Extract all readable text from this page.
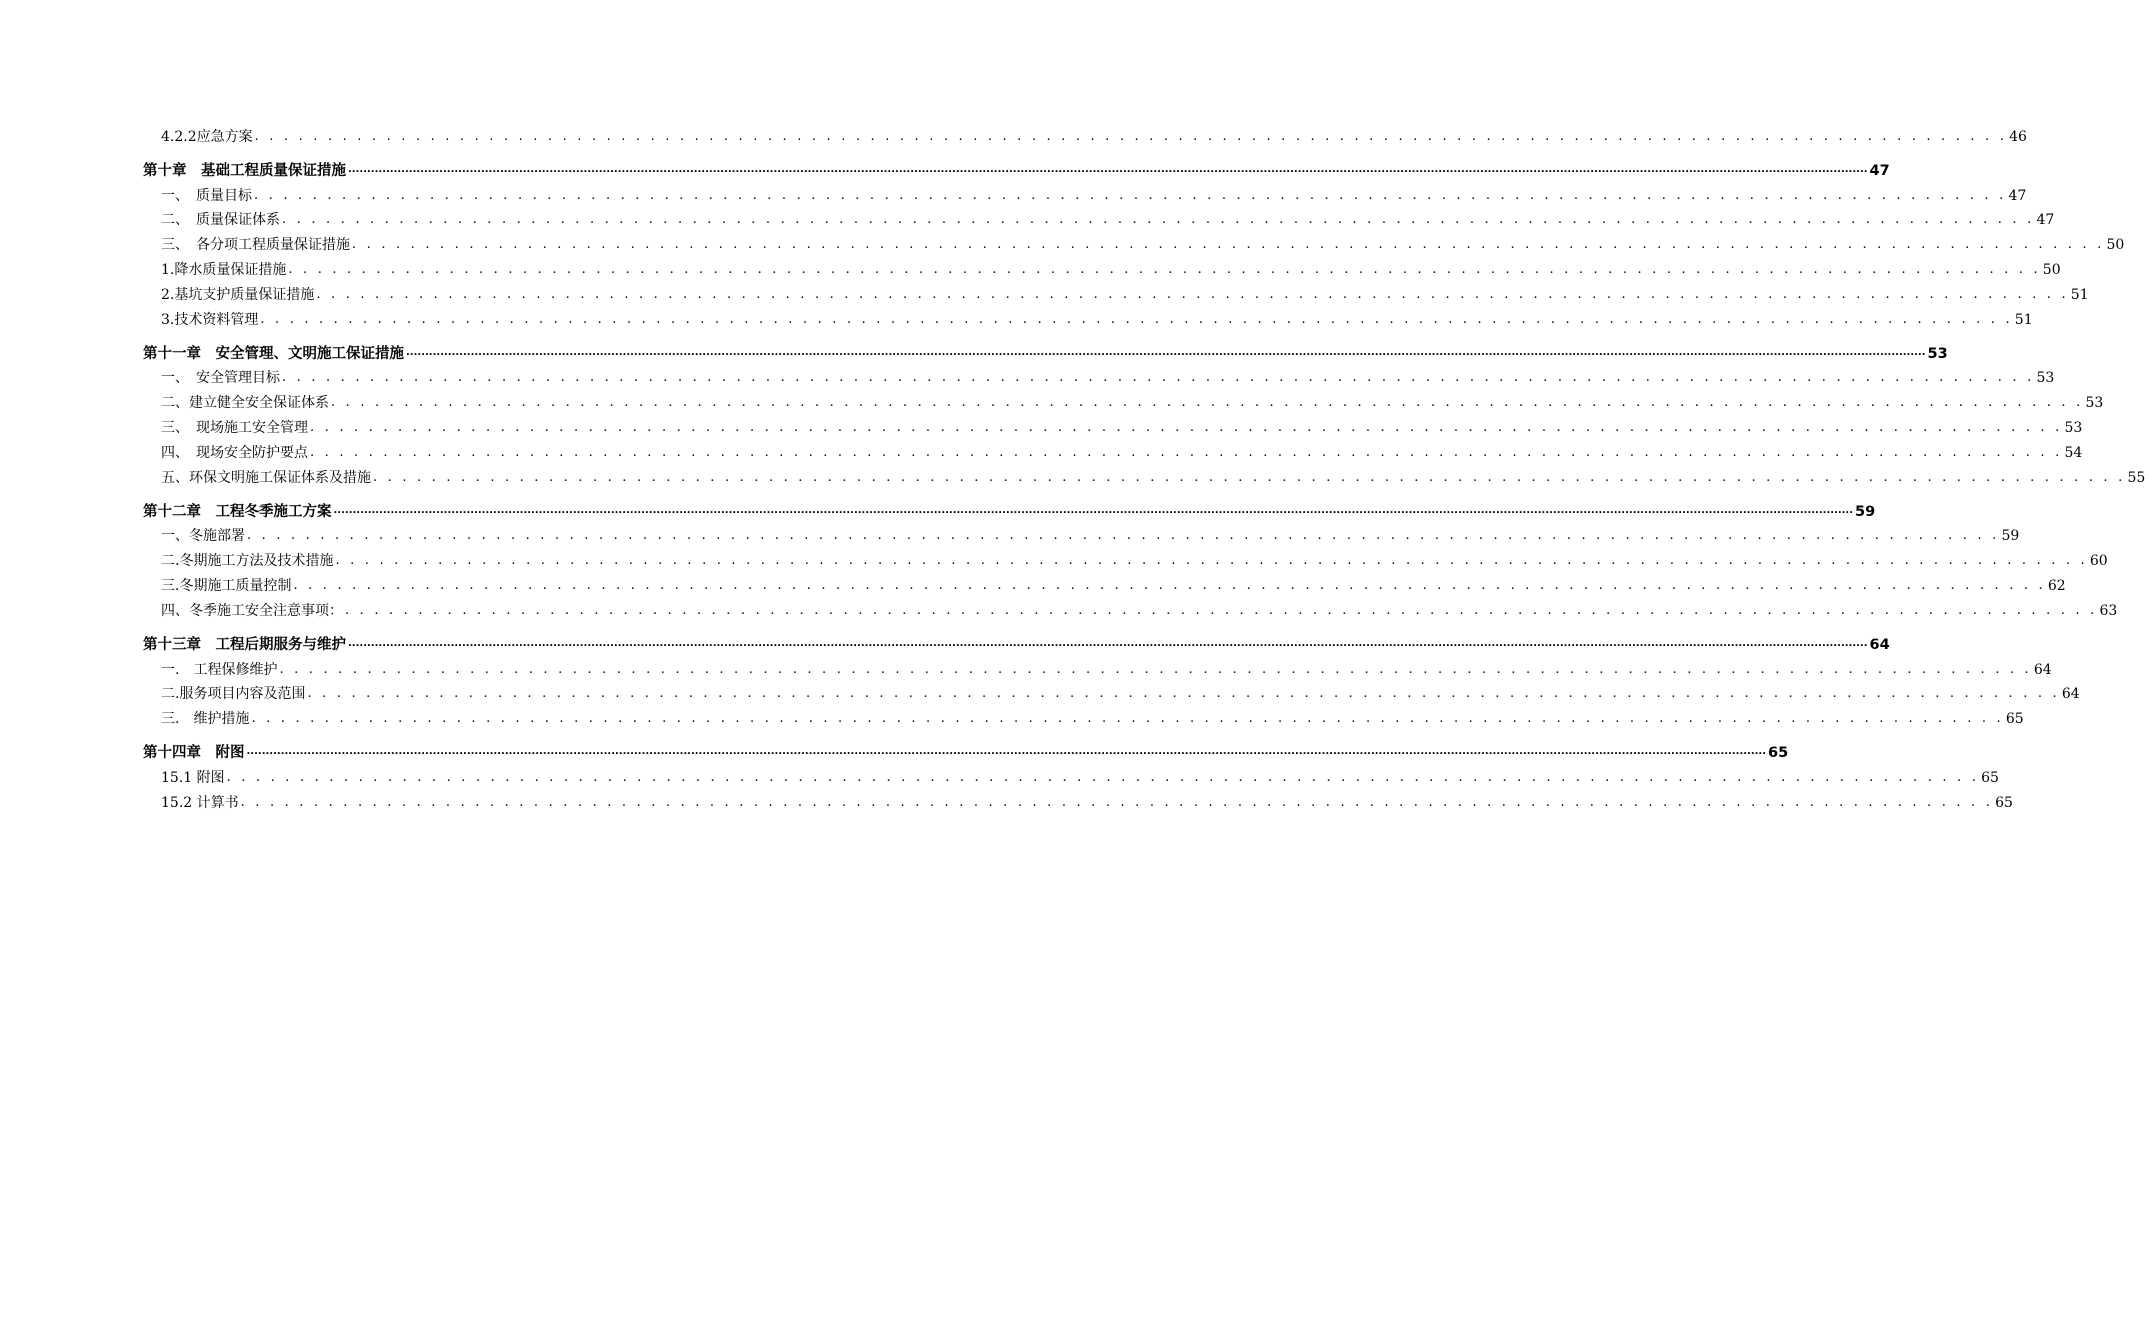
4.2.2应急方案 . . . . . . . . . . . . . . . . . . . . . . . . . . . . . . . . . . . . . . . . . . . . . . . . . . . . . . . . . . . . . . . . . . . . . . . . . . . . . . . . . . . . . . . . . . . . . . . . . . . . . . . . . . . . . . . . . . . . . . . . 46
第十章　基础工程质量保证措施 ................................................................................................................................................................................................................................................................................................................................................................................................................ 47
一、　质量目标 . . . . . . . . . . . . . . . . . . . . . . . . . . . . . . . . . . . . . . . . . . . . . . . . . . . . . . . . . . . . . . . . . . . . . . . . . . . . . . . . . . . . . . . . . . . . . . . . . . . . . . . . . . . . . . . . . . . . . . . . 47
二、　质量保证体系 . . . . . . . . . . . . . . . . . . . . . . . . . . . . . . . . . . . . . . . . . . . . . . . . . . . . . . . . . . . . . . . . . . . . . . . . . . . . . . . . . . . . . . . . . . . . . . . . . . . . . . . . . . . . . . . . . . . . . . . . 47
三、　各分项工程质量保证措施 . . . . . . . . . . . . . . . . . . . . . . . . . . . . . . . . . . . . . . . . . . . . . . . . . . . . . . . . . . . . . . . . . . . . . . . . . . . . . . . . . . . . . . . . . . . . . . . . . . . . . . . . . . . . . . . . . . . . . . . . 50
1.降水质量保证措施 . . . . . . . . . . . . . . . . . . . . . . . . . . . . . . . . . . . . . . . . . . . . . . . . . . . . . . . . . . . . . . . . . . . . . . . . . . . . . . . . . . . . . . . . . . . . . . . . . . . . . . . . . . . . . . . . . . . . . . . . 50
2.基坑支护质量保证措施 . . . . . . . . . . . . . . . . . . . . . . . . . . . . . . . . . . . . . . . . . . . . . . . . . . . . . . . . . . . . . . . . . . . . . . . . . . . . . . . . . . . . . . . . . . . . . . . . . . . . . . . . . . . . . . . . . . . . . . . . 51
3.技术资料管理 . . . . . . . . . . . . . . . . . . . . . . . . . . . . . . . . . . . . . . . . . . . . . . . . . . . . . . . . . . . . . . . . . . . . . . . . . . . . . . . . . . . . . . . . . . . . . . . . . . . . . . . . . . . . . . . . . . . . . . . . 51
第十一章　安全管理、文明施工保证措施 ................................................................................................................................................................................................................................................................................................................................................................................................................ 53
一、　安全管理目标 . . . . . . . . . . . . . . . . . . . . . . . . . . . . . . . . . . . . . . . . . . . . . . . . . . . . . . . . . . . . . . . . . . . . . . . . . . . . . . . . . . . . . . . . . . . . . . . . . . . . . . . . . . . . . . . . . . . . . . . . 53
二、建立健全安全保证体系 . . . . . . . . . . . . . . . . . . . . . . . . . . . . . . . . . . . . . . . . . . . . . . . . . . . . . . . . . . . . . . . . . . . . . . . . . . . . . . . . . . . . . . . . . . . . . . . . . . . . . . . . . . . . . . . . . . . . . . . . 53
三、　现场施工安全管理 . . . . . . . . . . . . . . . . . . . . . . . . . . . . . . . . . . . . . . . . . . . . . . . . . . . . . . . . . . . . . . . . . . . . . . . . . . . . . . . . . . . . . . . . . . . . . . . . . . . . . . . . . . . . . . . . . . . . . . . . 53
四、　现场安全防护要点 . . . . . . . . . . . . . . . . . . . . . . . . . . . . . . . . . . . . . . . . . . . . . . . . . . . . . . . . . . . . . . . . . . . . . . . . . . . . . . . . . . . . . . . . . . . . . . . . . . . . . . . . . . . . . . . . . . . . . . . . 54
五、环保文明施工保证体系及措施 . . . . . . . . . . . . . . . . . . . . . . . . . . . . . . . . . . . . . . . . . . . . . . . . . . . . . . . . . . . . . . . . . . . . . . . . . . . . . . . . . . . . . . . . . . . . . . . . . . . . . . . . . . . . . . . . . . . . . . . . 55
第十二章　工程冬季施工方案 ................................................................................................................................................................................................................................................................................................................................................................................................................ 59
一、冬施部署 . . . . . . . . . . . . . . . . . . . . . . . . . . . . . . . . . . . . . . . . . . . . . . . . . . . . . . . . . . . . . . . . . . . . . . . . . . . . . . . . . . . . . . . . . . . . . . . . . . . . . . . . . . . . . . . . . . . . . . . . 59
二.冬期施工方法及技术措施 . . . . . . . . . . . . . . . . . . . . . . . . . . . . . . . . . . . . . . . . . . . . . . . . . . . . . . . . . . . . . . . . . . . . . . . . . . . . . . . . . . . . . . . . . . . . . . . . . . . . . . . . . . . . . . . . . . . . . . . . 60
三.冬期施工质量控制 . . . . . . . . . . . . . . . . . . . . . . . . . . . . . . . . . . . . . . . . . . . . . . . . . . . . . . . . . . . . . . . . . . . . . . . . . . . . . . . . . . . . . . . . . . . . . . . . . . . . . . . . . . . . . . . . . . . . . . . . 62
四、冬季施工安全注意事项： . . . . . . . . . . . . . . . . . . . . . . . . . . . . . . . . . . . . . . . . . . . . . . . . . . . . . . . . . . . . . . . . . . . . . . . . . . . . . . . . . . . . . . . . . . . . . . . . . . . . . . . . . . . . . . . . . . . . . . . . 63
第十三章　工程后期服务与维护 ................................................................................................................................................................................................................................................................................................................................................................................................................ 64
一.　工程保修维护 . . . . . . . . . . . . . . . . . . . . . . . . . . . . . . . . . . . . . . . . . . . . . . . . . . . . . . . . . . . . . . . . . . . . . . . . . . . . . . . . . . . . . . . . . . . . . . . . . . . . . . . . . . . . . . . . . . . . . . . . 64
二.服务项目内容及范围 . . . . . . . . . . . . . . . . . . . . . . . . . . . . . . . . . . . . . . . . . . . . . . . . . . . . . . . . . . . . . . . . . . . . . . . . . . . . . . . . . . . . . . . . . . . . . . . . . . . . . . . . . . . . . . . . . . . . . . . . 64
三.　维护措施 . . . . . . . . . . . . . . . . . . . . . . . . . . . . . . . . . . . . . . . . . . . . . . . . . . . . . . . . . . . . . . . . . . . . . . . . . . . . . . . . . . . . . . . . . . . . . . . . . . . . . . . . . . . . . . . . . . . . . . . . 65
第十四章　附图 ................................................................................................................................................................................................................................................................................................................................................................................................................ 65
15.1 附图 . . . . . . . . . . . . . . . . . . . . . . . . . . . . . . . . . . . . . . . . . . . . . . . . . . . . . . . . . . . . . . . . . . . . . . . . . . . . . . . . . . . . . . . . . . . . . . . . . . . . . . . . . . . . . . . . . . . . . . . . 65
15.2 计算书 . . . . . . . . . . . . . . . . . . . . . . . . . . . . . . . . . . . . . . . . . . . . . . . . . . . . . . . . . . . . . . . . . . . . . . . . . . . . . . . . . . . . . . . . . . . . . . . . . . . . . . . . . . . . . . . . . . . . . . . . 65
